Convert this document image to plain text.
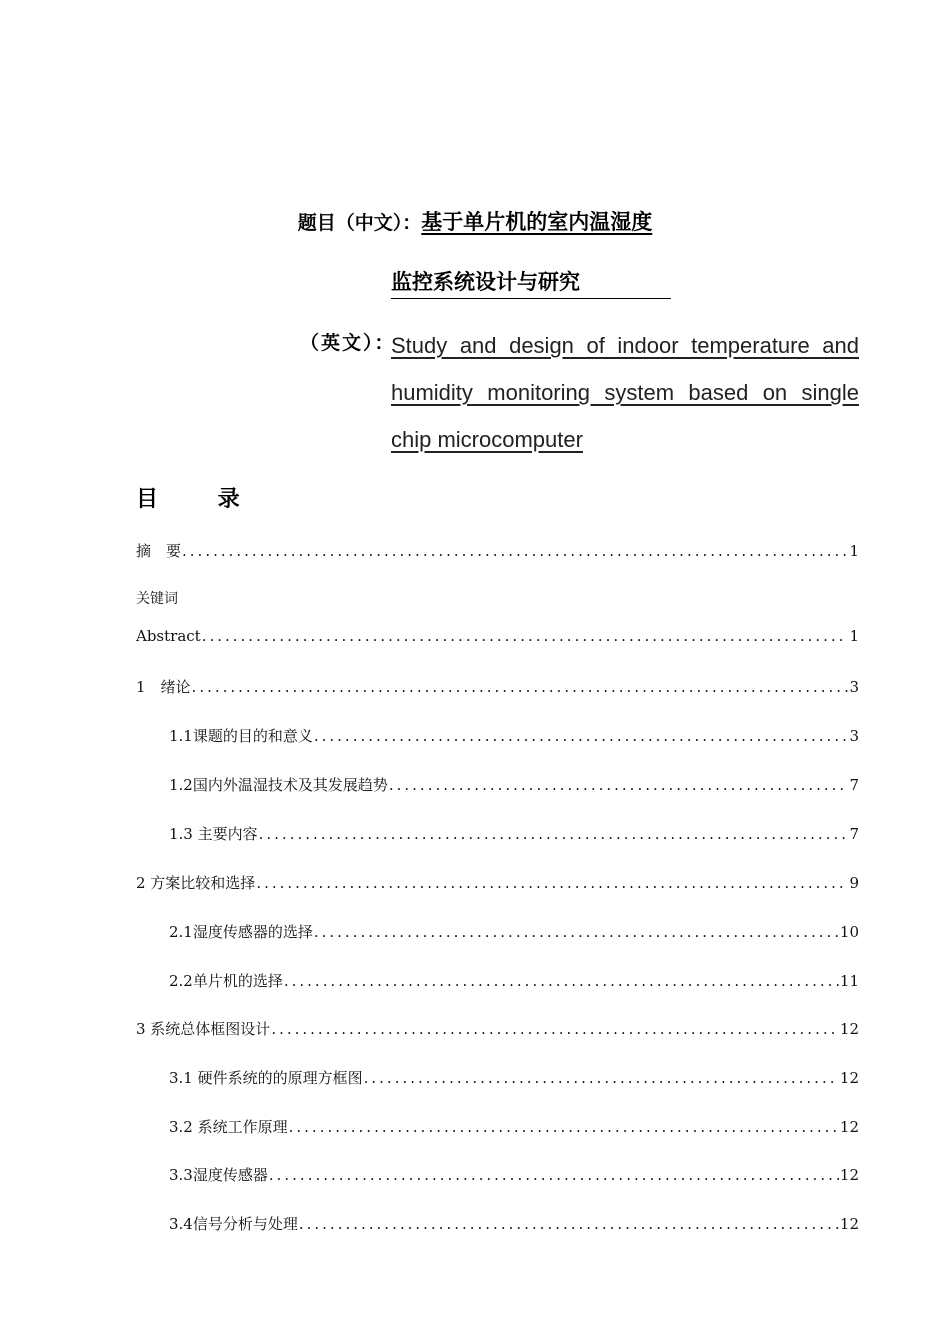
题目（中文）：基于单片机的室内温湿度
监控系统设计与研究
（英文）：
Study and design of indoor temperature and humidity monitoring system based on single chip microcomputer
目 录
摘　要 .....	1
关键词
Abstract .....	1
1　绪论 .....	3
1.1课题的目的和意义 .....	3
1.2国内外温湿技术及其发展趋势 .....	7
1.3 主要内容 .....	7
2 方案比较和选择 .....	9
2.1湿度传感器的选择 .....	10
2.2单片机的选择 .....	11
3 系统总体框图设计 .....	12
3.1 硬件系统的的原理方框图 .....	12
3.2 系统工作原理 .....	12
3.3湿度传感器 .....	12
3.4信号分析与处理 .....	12
